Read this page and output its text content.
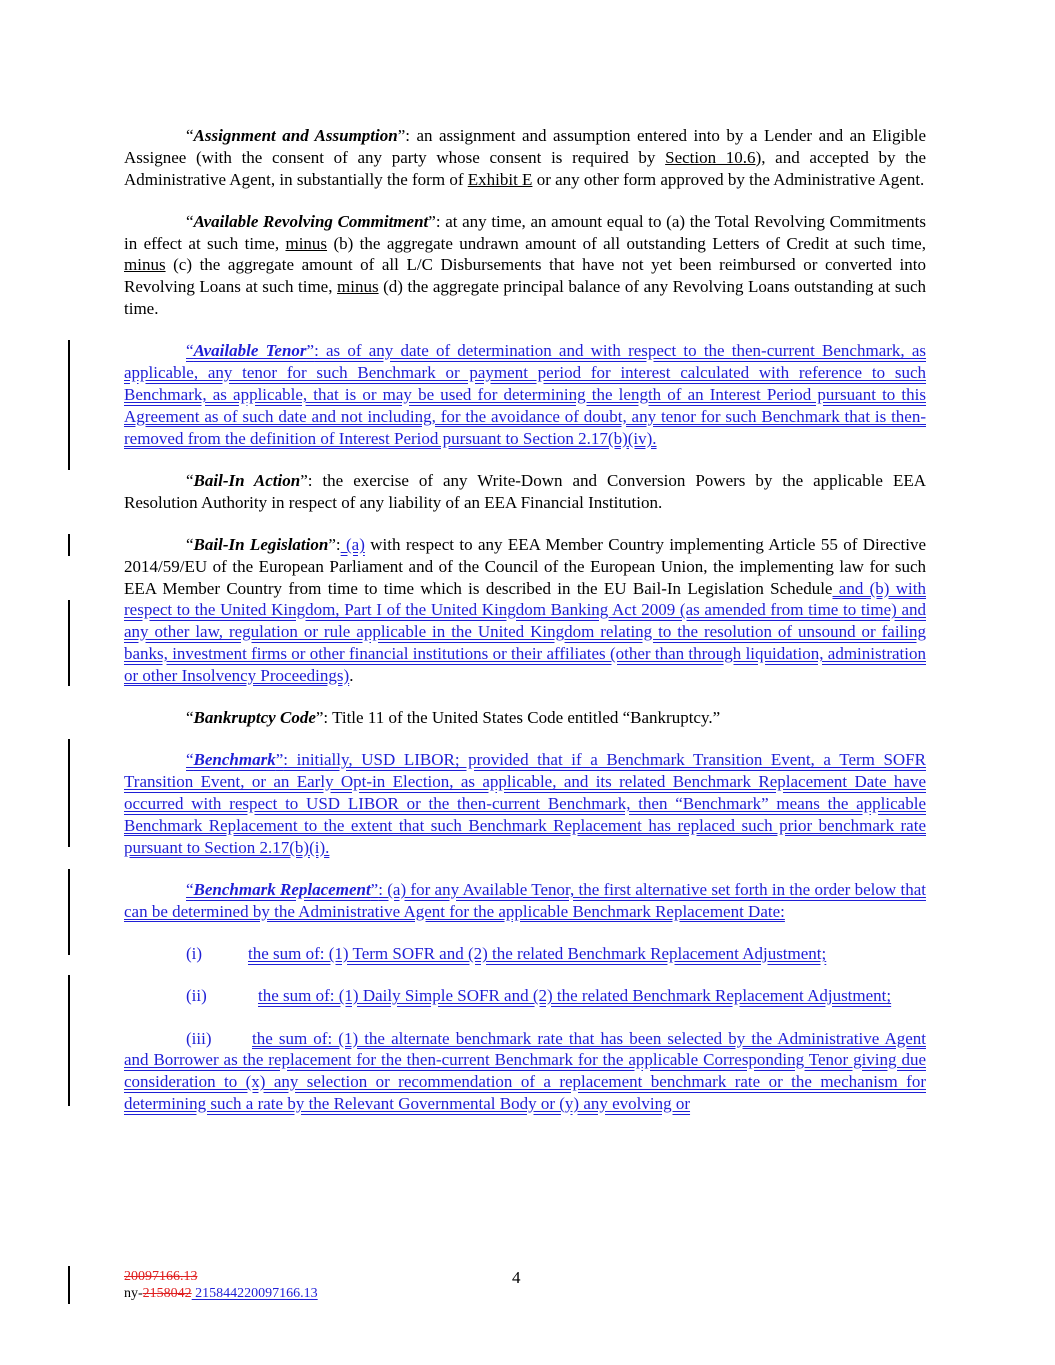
“Assignment and Assumption”: an assignment and assumption entered into by a Lender and an Eligible Assignee (with the consent of any party whose consent is required by Section 10.6), and accepted by the Administrative Agent, in substantially the form of Exhibit E or any other form approved by the Administrative Agent.

“Available Revolving Commitment”: at any time, an amount equal to (a) the Total Revolving Commitments in effect at such time, minus (b) the aggregate undrawn amount of all outstanding Letters of Credit at such time, minus (c) the aggregate amount of all L/C Disbursements that have not yet been reimbursed or converted into Revolving Loans at such time, minus (d) the aggregate principal balance of any Revolving Loans outstanding at such time.

“Available Tenor”: as of any date of determination and with respect to the then-current Benchmark, as applicable, any tenor for such Benchmark or payment period for interest calculated with reference to such Benchmark, as applicable, that is or may be used for determining the length of an Interest Period pursuant to this Agreement as of such date and not including, for the avoidance of doubt, any tenor for such Benchmark that is then-removed from the definition of Interest Period pursuant to Section 2.17(b)(iv).

“Bail-In Action”: the exercise of any Write-Down and Conversion Powers by the applicable EEA Resolution Authority in respect of any liability of an EEA Financial Institution.

“Bail-In Legislation”: (a) with respect to any EEA Member Country implementing Article 55 of Directive 2014/59/EU of the European Parliament and of the Council of the European Union, the implementing law for such EEA Member Country from time to time which is described in the EU Bail-In Legislation Schedule and (b) with respect to the United Kingdom, Part I of the United Kingdom Banking Act 2009 (as amended from time to time) and any other law, regulation or rule applicable in the United Kingdom relating to the resolution of unsound or failing banks, investment firms or other financial institutions or their affiliates (other than through liquidation, administration or other Insolvency Proceedings).

“Bankruptcy Code”: Title 11 of the United States Code entitled “Bankruptcy.”

“Benchmark”: initially, USD LIBOR; provided that if a Benchmark Transition Event, a Term SOFR Transition Event, or an Early Opt-in Election, as applicable, and its related Benchmark Replacement Date have occurred with respect to USD LIBOR or the then-current Benchmark, then “Benchmark” means the applicable Benchmark Replacement to the extent that such Benchmark Replacement has replaced such prior benchmark rate pursuant to Section 2.17(b)(i).

“Benchmark Replacement”: (a) for any Available Tenor, the first alternative set forth in the order below that can be determined by the Administrative Agent for the applicable Benchmark Replacement Date:

(i)	the sum of: (1) Term SOFR and (2) the related Benchmark Replacement Adjustment;

(ii)	the sum of: (1) Daily Simple SOFR and (2) the related Benchmark Replacement Adjustment;

(iii) the sum of: (1) the alternate benchmark rate that has been selected by the Administrative Agent and Borrower as the replacement for the then-current Benchmark for the applicable Corresponding Tenor giving due consideration to (x) any selection or recommendation of a replacement benchmark rate or the mechanism for determining such a rate by the Relevant Governmental Body or (y) any evolving or

20097166.13
ny-2158042 215844220097166.13
4
